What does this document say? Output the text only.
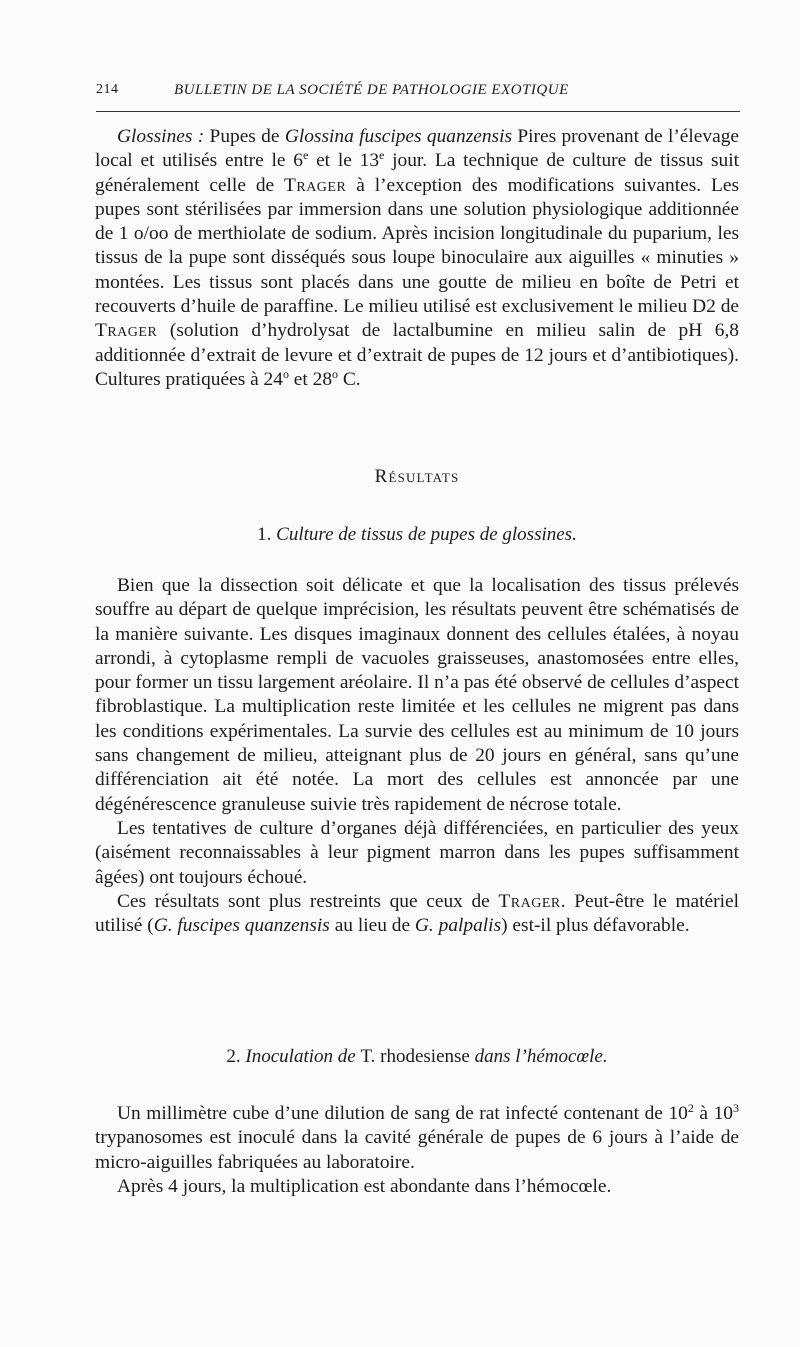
214	BULLETIN DE LA SOCIÉTÉ DE PATHOLOGIE EXOTIQUE

Glossines : Pupes de Glossina fuscipes quanzensis Pires provenant de l’élevage local et utilisés entre le 6e et le 13e jour. La technique de culture de tissus suit généralement celle de Trager à l’exception des modifications suivantes. Les pupes sont stérilisées par immersion dans une solution physiologique additionnée de 1 o/oo de merthiolate de sodium. Après incision longitudinale du puparium, les tissus de la pupe sont disséqués sous loupe binoculaire aux aiguilles « minuties » montées. Les tissus sont placés dans une goutte de milieu en boîte de Petri et recouverts d’huile de paraffine. Le milieu utilisé est exclusivement le milieu D2 de Trager (solution d’hydrolysat de lactalbumine en milieu salin de pH 6,8 additionnée d’extrait de levure et d’extrait de pupes de 12 jours et d’antibiotiques). Cultures pratiquées à 24$^o$ et 28$^o$ C.

Résultats
1. Culture de tissus de pupes de glossines.

Bien que la dissection soit délicate et que la localisation des tissus prélevés souffre au départ de quelque imprécision, les résultats peuvent être schématisés de la manière suivante. Les disques imaginaux donnent des cellules étalées, à noyau arrondi, à cytoplasme rempli de vacuoles graisseuses, anastomosées entre elles, pour former un tissu largement aréolaire. Il n’a pas été observé de cellules d’aspect fibroblastique. La multiplication reste limitée et les cellules ne migrent pas dans les conditions expérimentales. La survie des cellules est au minimum de 10 jours sans changement de milieu, atteignant plus de 20 jours en général, sans qu’une différenciation ait été notée. La mort des cellules est annoncée par une dégénérescence granuleuse suivie très rapidement de nécrose totale.

Les tentatives de culture d’organes déjà différenciées, en particulier des yeux (aisément reconnaissables à leur pigment marron dans les pupes suffisamment âgées) ont toujours échoué.

Ces résultats sont plus restreints que ceux de Trager. Peut-être le matériel utilisé (G. fuscipes quanzensis au lieu de G. palpalis) est-il plus défavorable.

2. Inoculation de T. rhodesiense dans l’hémocœle.

Un millimètre cube d’une dilution de sang de rat infecté contenant de $10^2$ à $10^3$ trypanosomes est inoculé dans la cavité générale de pupes de 6 jours à l’aide de micro-aiguilles fabriquées au laboratoire.

Après 4 jours, la multiplication est abondante dans l’hémocœle.
